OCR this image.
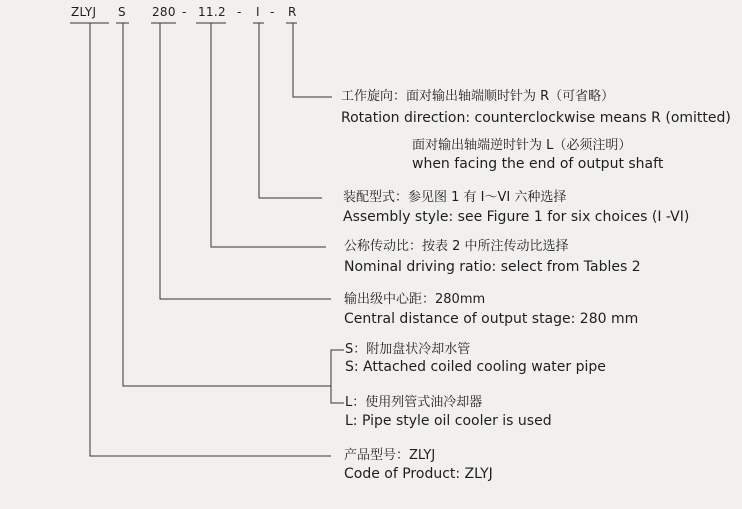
ZLYJ S 280 - 11.2 - I - R
工作旋向：面对输出轴端顺时针为 R（可省略）
Rotation direction: counterclockwise means R (omitted)
面对输出轴端逆时针为 L（必须注明）
when facing the end of output shaft
装配型式：参见图 1 有 I～VI 六种选择
Assembly style: see Figure 1 for six choices (I -VI)
公称传动比：按表 2 中所注传动比选择
Nominal driving ratio: select from Tables 2
输出级中心距：280mm
Central distance of output stage: 280 mm
S：附加盘状冷却水管
S: Attached coiled cooling water pipe
L：使用列管式油冷却器
L: Pipe style oil cooler is used
产品型号：ZLYJ
Code of Product: ZLYJ
